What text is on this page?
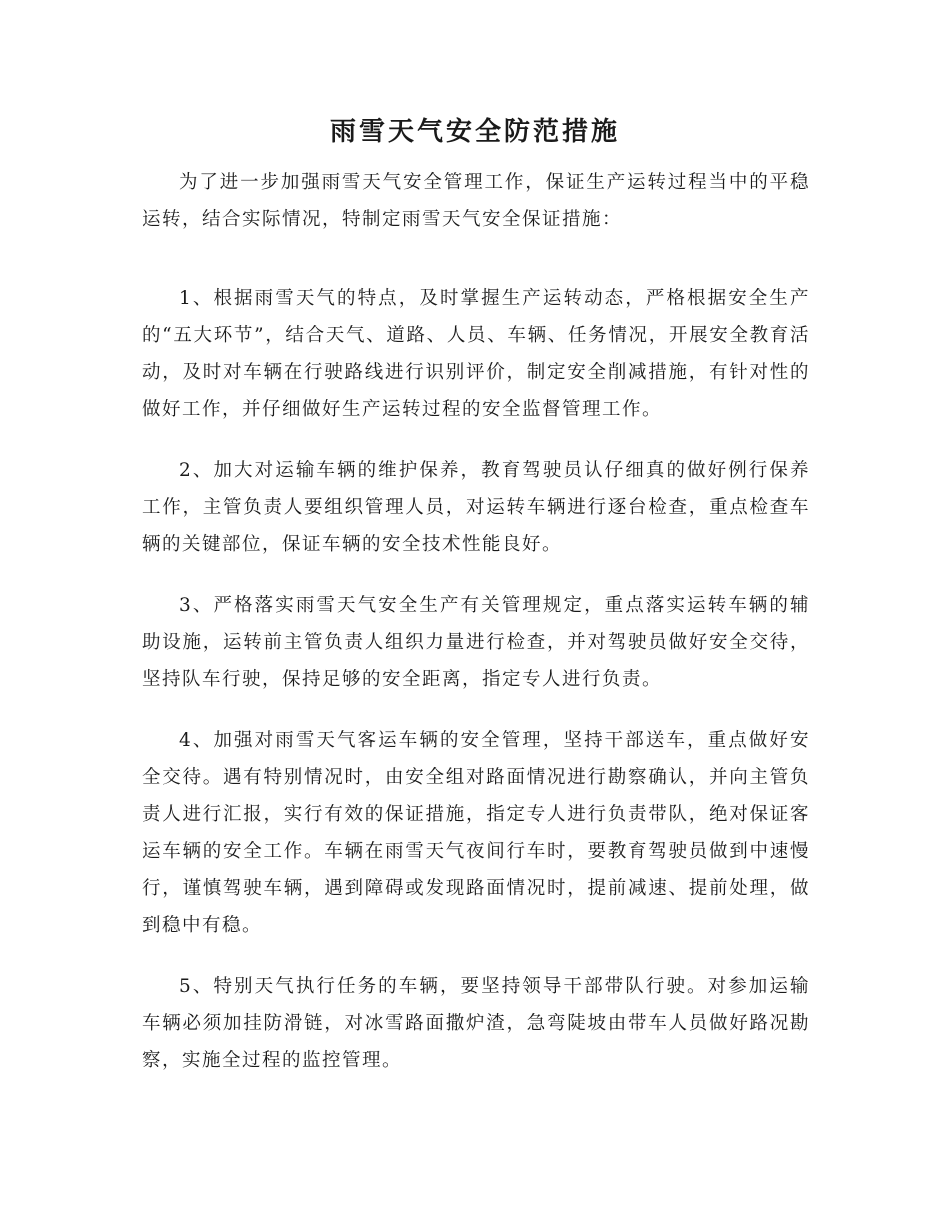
雨雪天气安全防范措施

为了进一步加强雨雪天气安全管理工作，保证生产运转过程当中的平稳运转，结合实际情况，特制定雨雪天气安全保证措施：

1、根据雨雪天气的特点，及时掌握生产运转动态，严格根据安全生产的“五大环节”，结合天气、道路、人员、车辆、任务情况，开展安全教育活动，及时对车辆在行驶路线进行识别评价，制定安全削减措施，有针对性的做好工作，并仔细做好生产运转过程的安全监督管理工作。

2、加大对运输车辆的维护保养，教育驾驶员认仔细真的做好例行保养工作，主管负责人要组织管理人员，对运转车辆进行逐台检查，重点检查车辆的关键部位，保证车辆的安全技术性能良好。

3、严格落实雨雪天气安全生产有关管理规定，重点落实运转车辆的辅助设施，运转前主管负责人组织力量进行检查，并对驾驶员做好安全交待，坚持队车行驶，保持足够的安全距离，指定专人进行负责。

4、加强对雨雪天气客运车辆的安全管理，坚持干部送车，重点做好安全交待。遇有特别情况时，由安全组对路面情况进行勘察确认，并向主管负责人进行汇报，实行有效的保证措施，指定专人进行负责带队，绝对保证客运车辆的安全工作。车辆在雨雪天气夜间行车时，要教育驾驶员做到中速慢行，谨慎驾驶车辆，遇到障碍或发现路面情况时，提前减速、提前处理，做到稳中有稳。

5、特别天气执行任务的车辆，要坚持领导干部带队行驶。对参加运输车辆必须加挂防滑链，对冰雪路面撒炉渣，急弯陡坡由带车人员做好路况勘察，实施全过程的监控管理。
